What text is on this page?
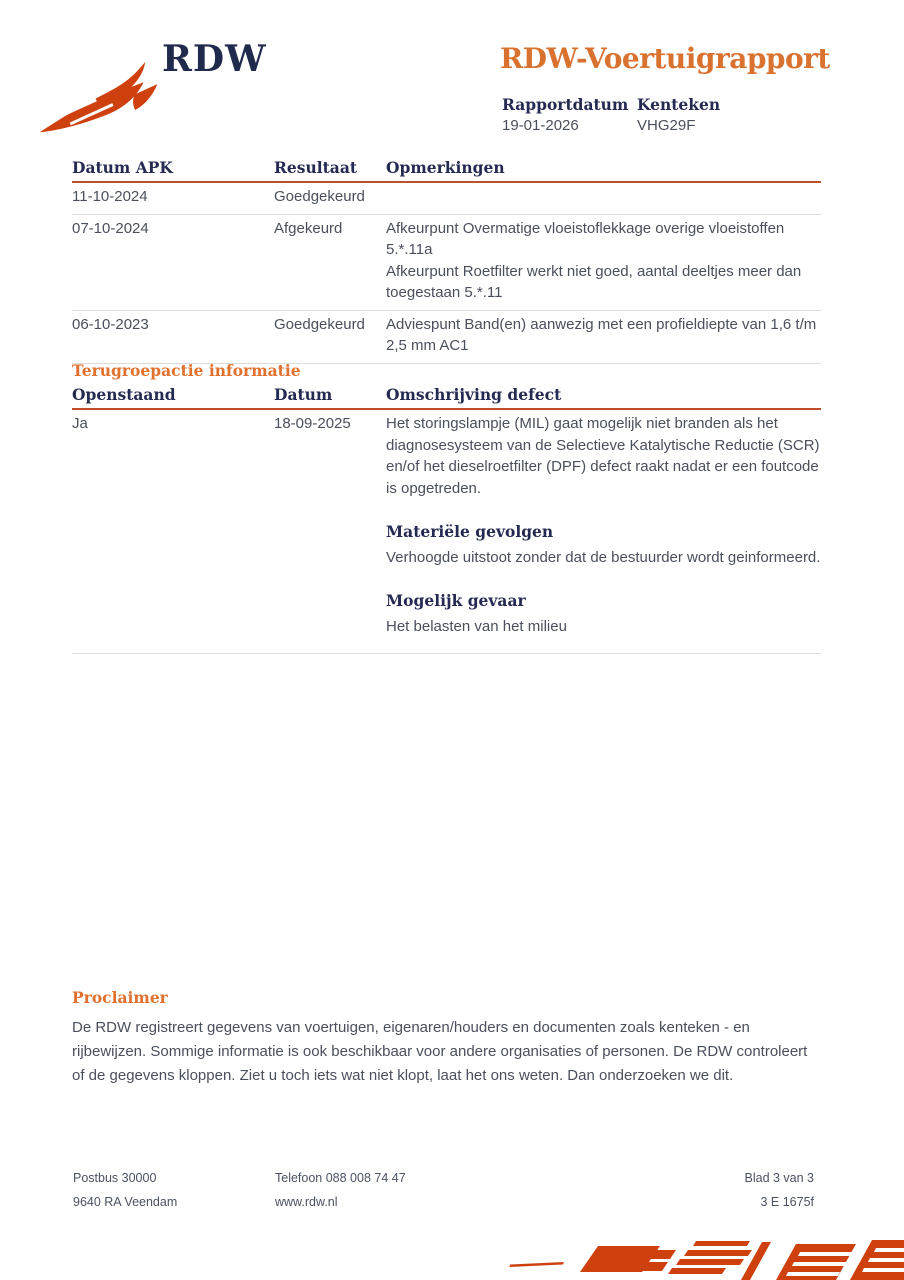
RDW	RDW-Voertuigrapport
Rapportdatum Kenteken
19-01-2026	VHG29F
Datum APK	Resultaat	Opmerkingen
11-10-2024	Goedgekeurd
07-10-2024	Afgekeurd	Afkeurpunt Overmatige vloeistoflekkage overige vloeistoffen 5.*.11a
Afkeurpunt Roetfilter werkt niet goed, aantal deeltjes meer dan toegestaan 5.*.11
06-10-2023	Goedgekeurd	Adviespunt Band(en) aanwezig met een profieldiepte van 1,6 t/m 2,5 mm AC1
Terugroepactie informatie
Openstaand	Datum	Omschrijving defect
Ja	18-09-2025	Het storingslampje (MIL) gaat mogelijk niet branden als het diagnosesysteem van de Selectieve Katalytische Reductie (SCR) en/of het dieselroetfilter (DPF) defect raakt nadat er een foutcode is opgetreden.
Materiële gevolgen
Verhoogde uitstoot zonder dat de bestuurder wordt geinformeerd.
Mogelijk gevaar
Het belasten van het milieu
Proclaimer
De RDW registreert gegevens van voertuigen, eigenaren/houders en documenten zoals kenteken - en rijbewijzen. Sommige informatie is ook beschikbaar voor andere organisaties of personen. De RDW controleert of de gegevens kloppen. Ziet u toch iets wat niet klopt, laat het ons weten. Dan onderzoeken we dit.
Postbus 30000
9640 RA Veendam
Telefoon 088 008 74 47
www.rdw.nl
Blad 3 van 3
3 E 1675f
